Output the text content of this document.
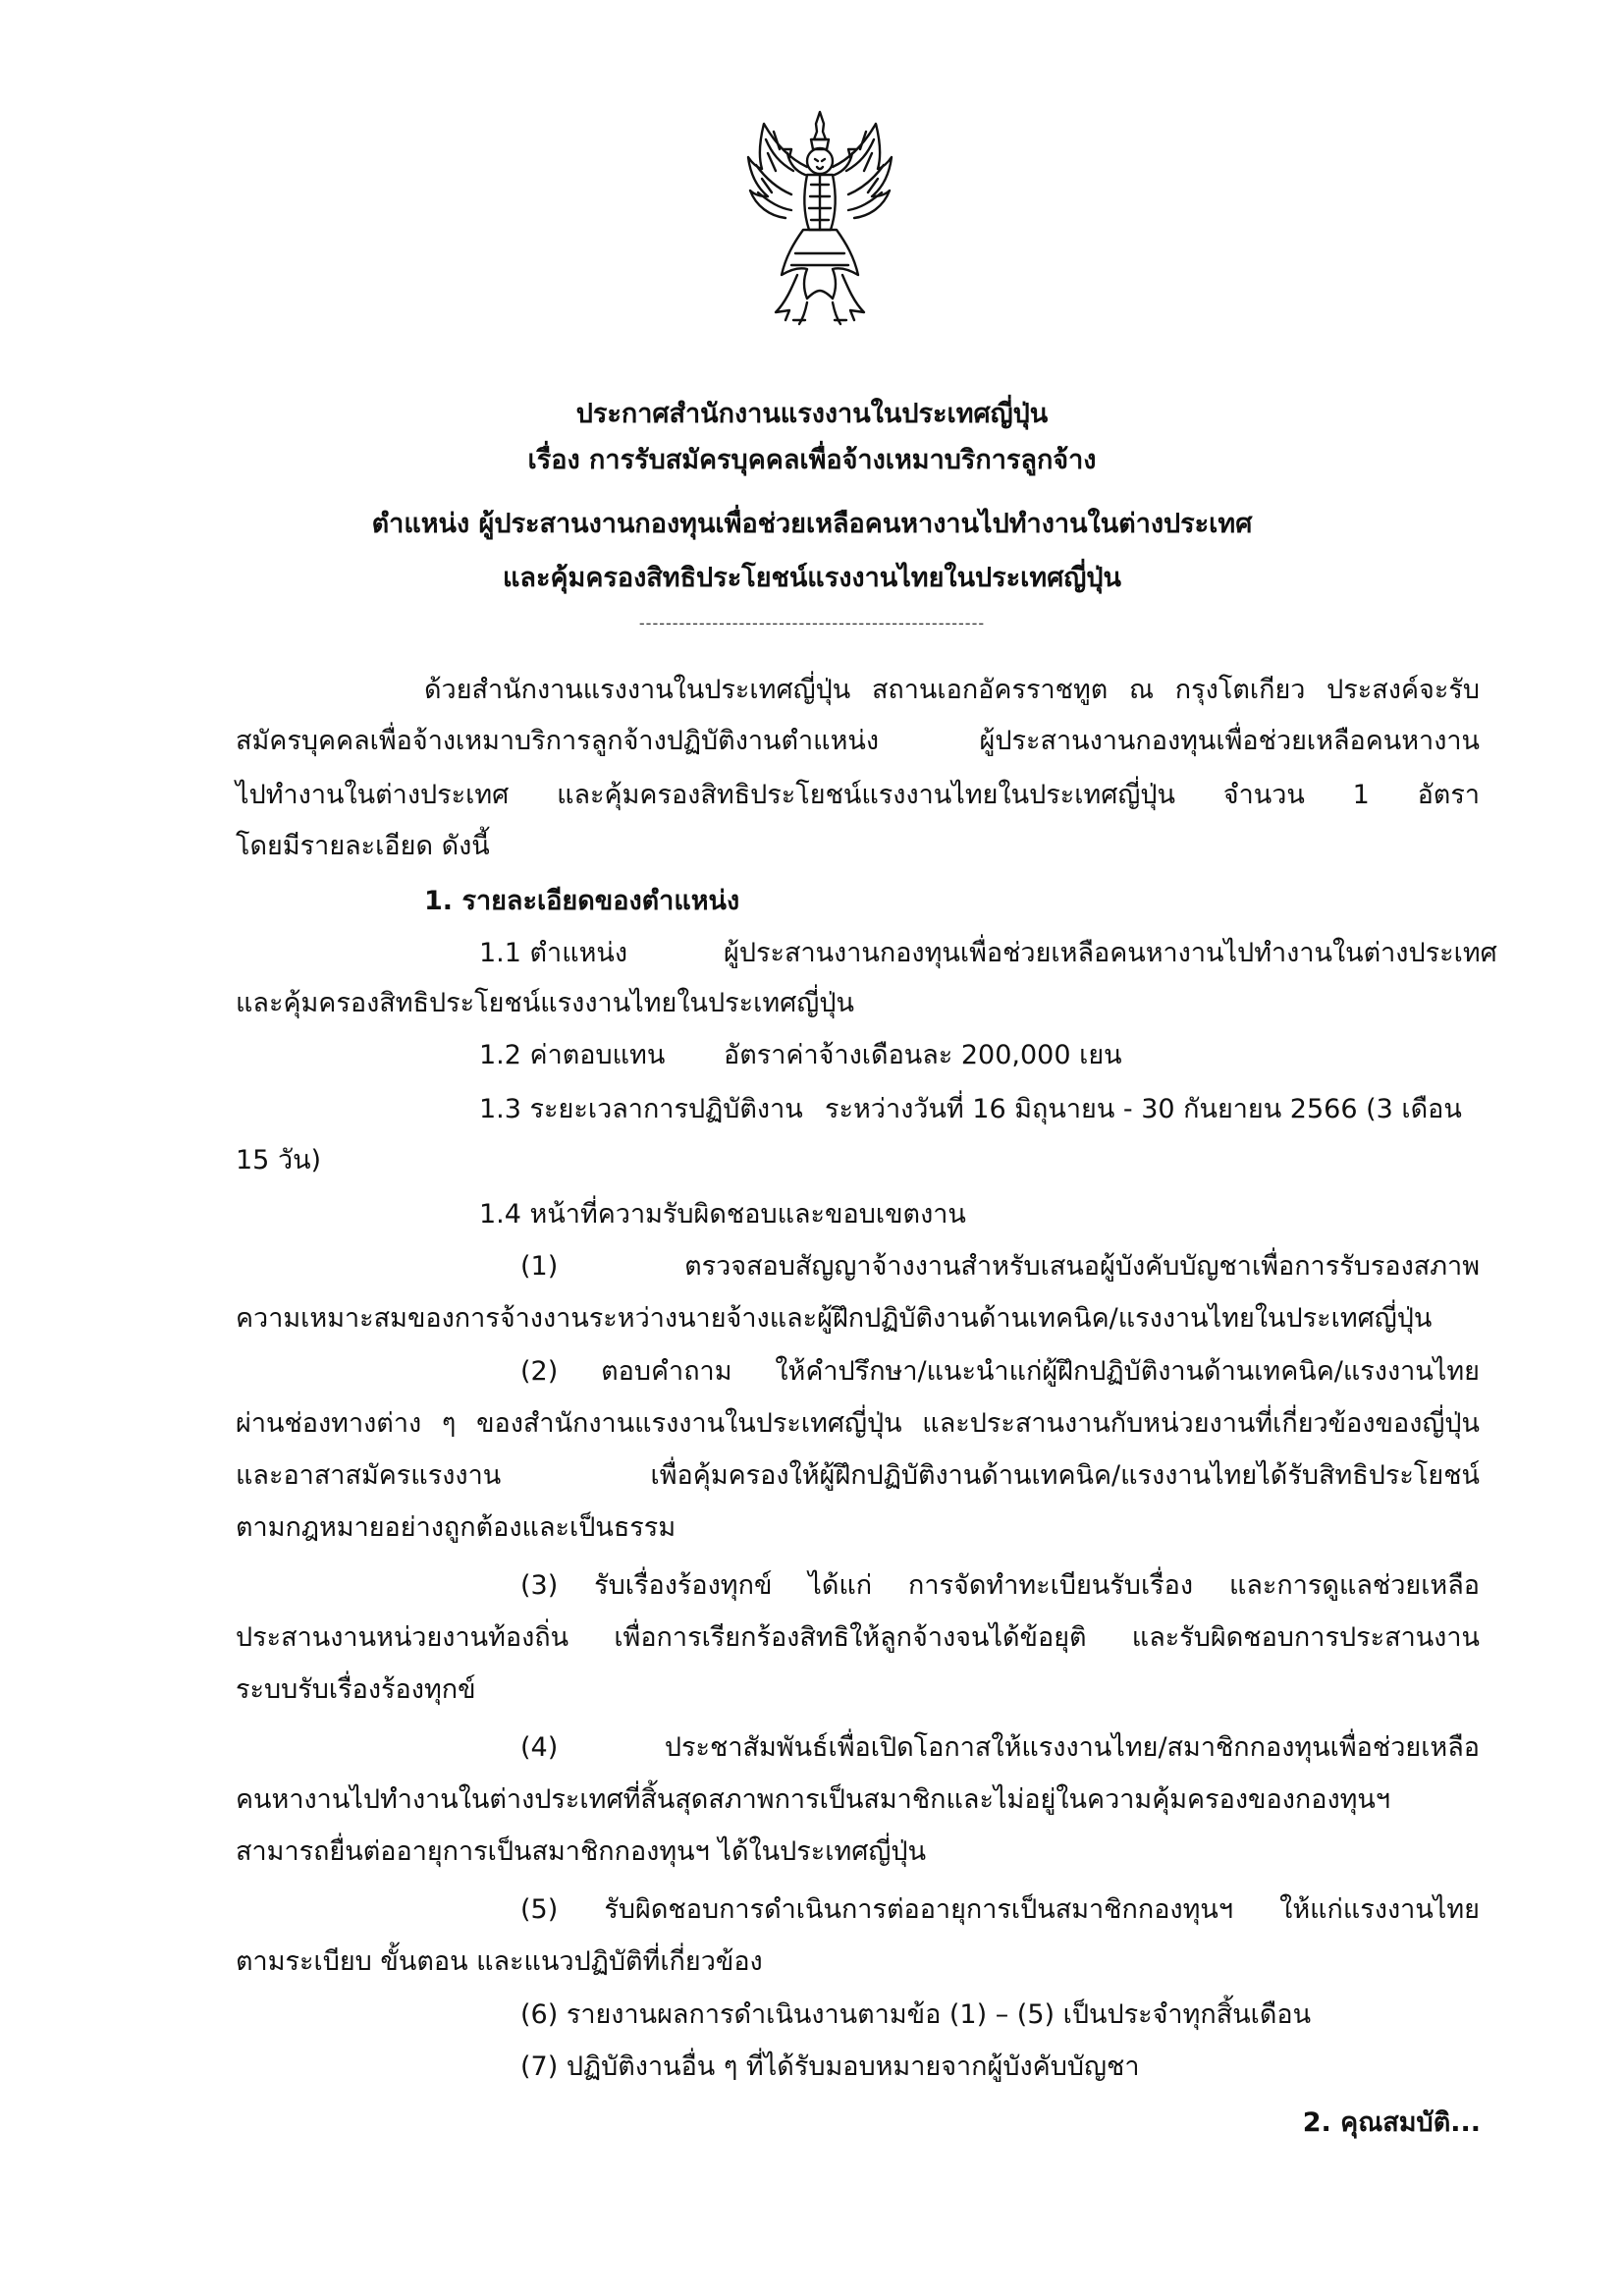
ประกาศสำนักงานแรงงานในประเทศญี่ปุ่น
เรื่อง การรับสมัครบุคคลเพื่อจ้างเหมาบริการลูกจ้าง
ตำแหน่ง ผู้ประสานงานกองทุนเพื่อช่วยเหลือคนหางานไปทำงานในต่างประเทศ
และคุ้มครองสิทธิประโยชน์แรงงานไทยในประเทศญี่ปุ่น
----------------------------------------------------
ด้วยสำนักงานแรงงานในประเทศญี่ปุ่น สถานเอกอัครราชทูต ณ กรุงโตเกียว ประสงค์จะรับ
สมัครบุคคลเพื่อจ้างเหมาบริการลูกจ้างปฏิบัติงานตำแหน่ง ผู้ประสานงานกองทุนเพื่อช่วยเหลือคนหางาน
ไปทำงานในต่างประเทศ และคุ้มครองสิทธิประโยชน์แรงงานไทยในประเทศญี่ปุ่น จำนวน 1 อัตรา
โดยมีรายละเอียด ดังนี้
1. รายละเอียดของตำแหน่ง
1.1 ตำแหน่ง	ผู้ประสานงานกองทุนเพื่อช่วยเหลือคนหางานไปทำงานในต่างประเทศ
และคุ้มครองสิทธิประโยชน์แรงงานไทยในประเทศญี่ปุ่น
1.2 ค่าตอบแทน อัตราค่าจ้างเดือนละ 200,000 เยน
1.3 ระยะเวลาการปฏิบัติงาน ระหว่างวันที่ 16 มิถุนายน - 30 กันยายน 2566 (3 เดือน
15 วัน)
1.4 หน้าที่ความรับผิดชอบและขอบเขตงาน
(1) ตรวจสอบสัญญาจ้างงานสำหรับเสนอผู้บังคับบัญชาเพื่อการรับรองสภาพ
ความเหมาะสมของการจ้างงานระหว่างนายจ้างและผู้ฝึกปฏิบัติงานด้านเทคนิค/แรงงานไทยในประเทศญี่ปุ่น
(2) ตอบคำถาม ให้คำปรึกษา/แนะนำแก่ผู้ฝึกปฏิบัติงานด้านเทคนิค/แรงงานไทย
ผ่านช่องทางต่าง ๆ ของสำนักงานแรงงานในประเทศญี่ปุ่น และประสานงานกับหน่วยงานที่เกี่ยวข้องของญี่ปุ่น
และอาสาสมัครแรงงาน เพื่อคุ้มครองให้ผู้ฝึกปฏิบัติงานด้านเทคนิค/แรงงานไทยได้รับสิทธิประโยชน์
ตามกฎหมายอย่างถูกต้องและเป็นธรรม
(3) รับเรื่องร้องทุกข์ ได้แก่ การจัดทำทะเบียนรับเรื่อง และการดูแลช่วยเหลือ
ประสานงานหน่วยงานท้องถิ่น เพื่อการเรียกร้องสิทธิให้ลูกจ้างจนได้ข้อยุติ และรับผิดชอบการประสานงาน
ระบบรับเรื่องร้องทุกข์
(4) ประชาสัมพันธ์เพื่อเปิดโอกาสให้แรงงานไทย/สมาชิกกองทุนเพื่อช่วยเหลือ
คนหางานไปทำงานในต่างประเทศที่สิ้นสุดสภาพการเป็นสมาชิกและไม่อยู่ในความคุ้มครองของกองทุนฯ
สามารถยื่นต่ออายุการเป็นสมาชิกกองทุนฯ ได้ในประเทศญี่ปุ่น
(5) รับผิดชอบการดำเนินการต่ออายุการเป็นสมาชิกกองทุนฯ ให้แก่แรงงานไทย
ตามระเบียบ ขั้นตอน และแนวปฏิบัติที่เกี่ยวข้อง
(6) รายงานผลการดำเนินงานตามข้อ (1) – (5) เป็นประจำทุกสิ้นเดือน
(7) ปฏิบัติงานอื่น ๆ ที่ได้รับมอบหมายจากผู้บังคับบัญชา
2. คุณสมบัติ...
